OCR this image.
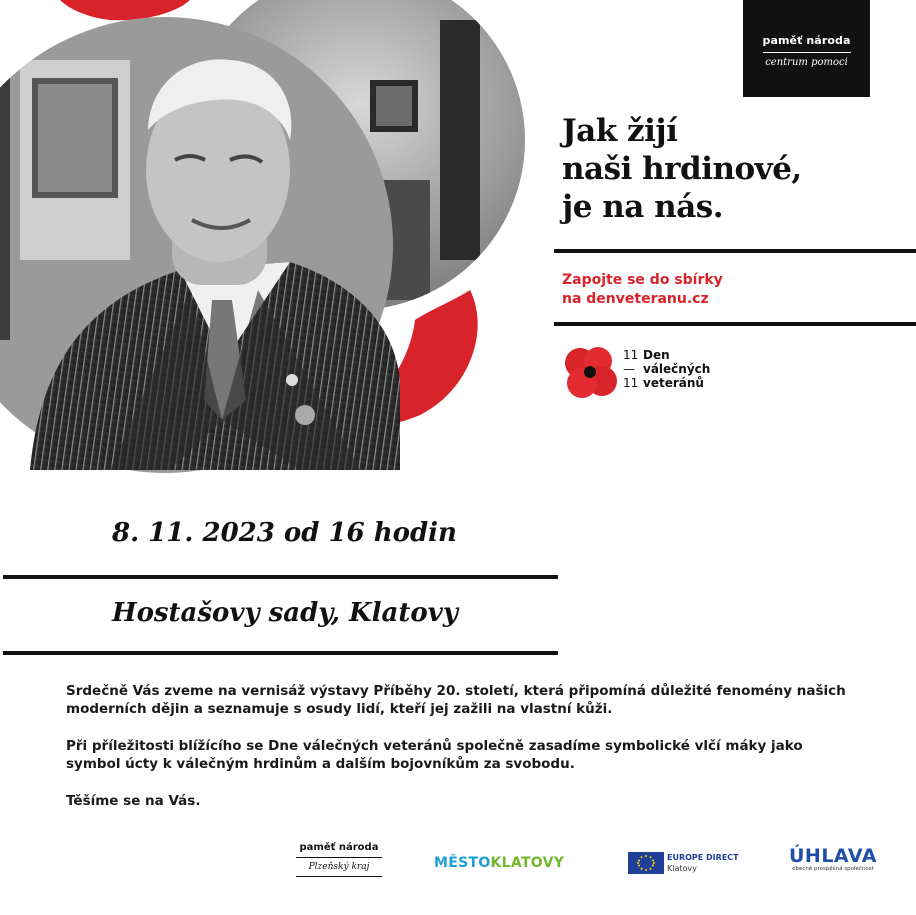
paměť národa
centrum pomoci
Jak žijí
naši hrdinové,
je na nás.
Zapojte se do sbírky
na denveteranu.cz
11 Den
— válečných
11 veteránů
8. 11. 2023 od 16 hodin
Hostašovy sady, Klatovy

Srdečně Vás zveme na vernisáž výstavy Příběhy 20. století, která připomíná důležité fenomény našich moderních dějin a seznamuje s osudy lidí, kteří jej zažili na vlastní kůži.

Při příležitosti blížícího se Dne válečných veteránů společně zasadíme symbolické vlčí máky jako symbol úcty k válečným hrdinům a dalším bojovníkům za svobodu.

Těšíme se na Vás.

paměť národa
Plzeňský kraj	MĚSTOKLATOVY	EUROPE DIRECT
Klatovy
ÚHLAVA
obecně prospěšná společnost
